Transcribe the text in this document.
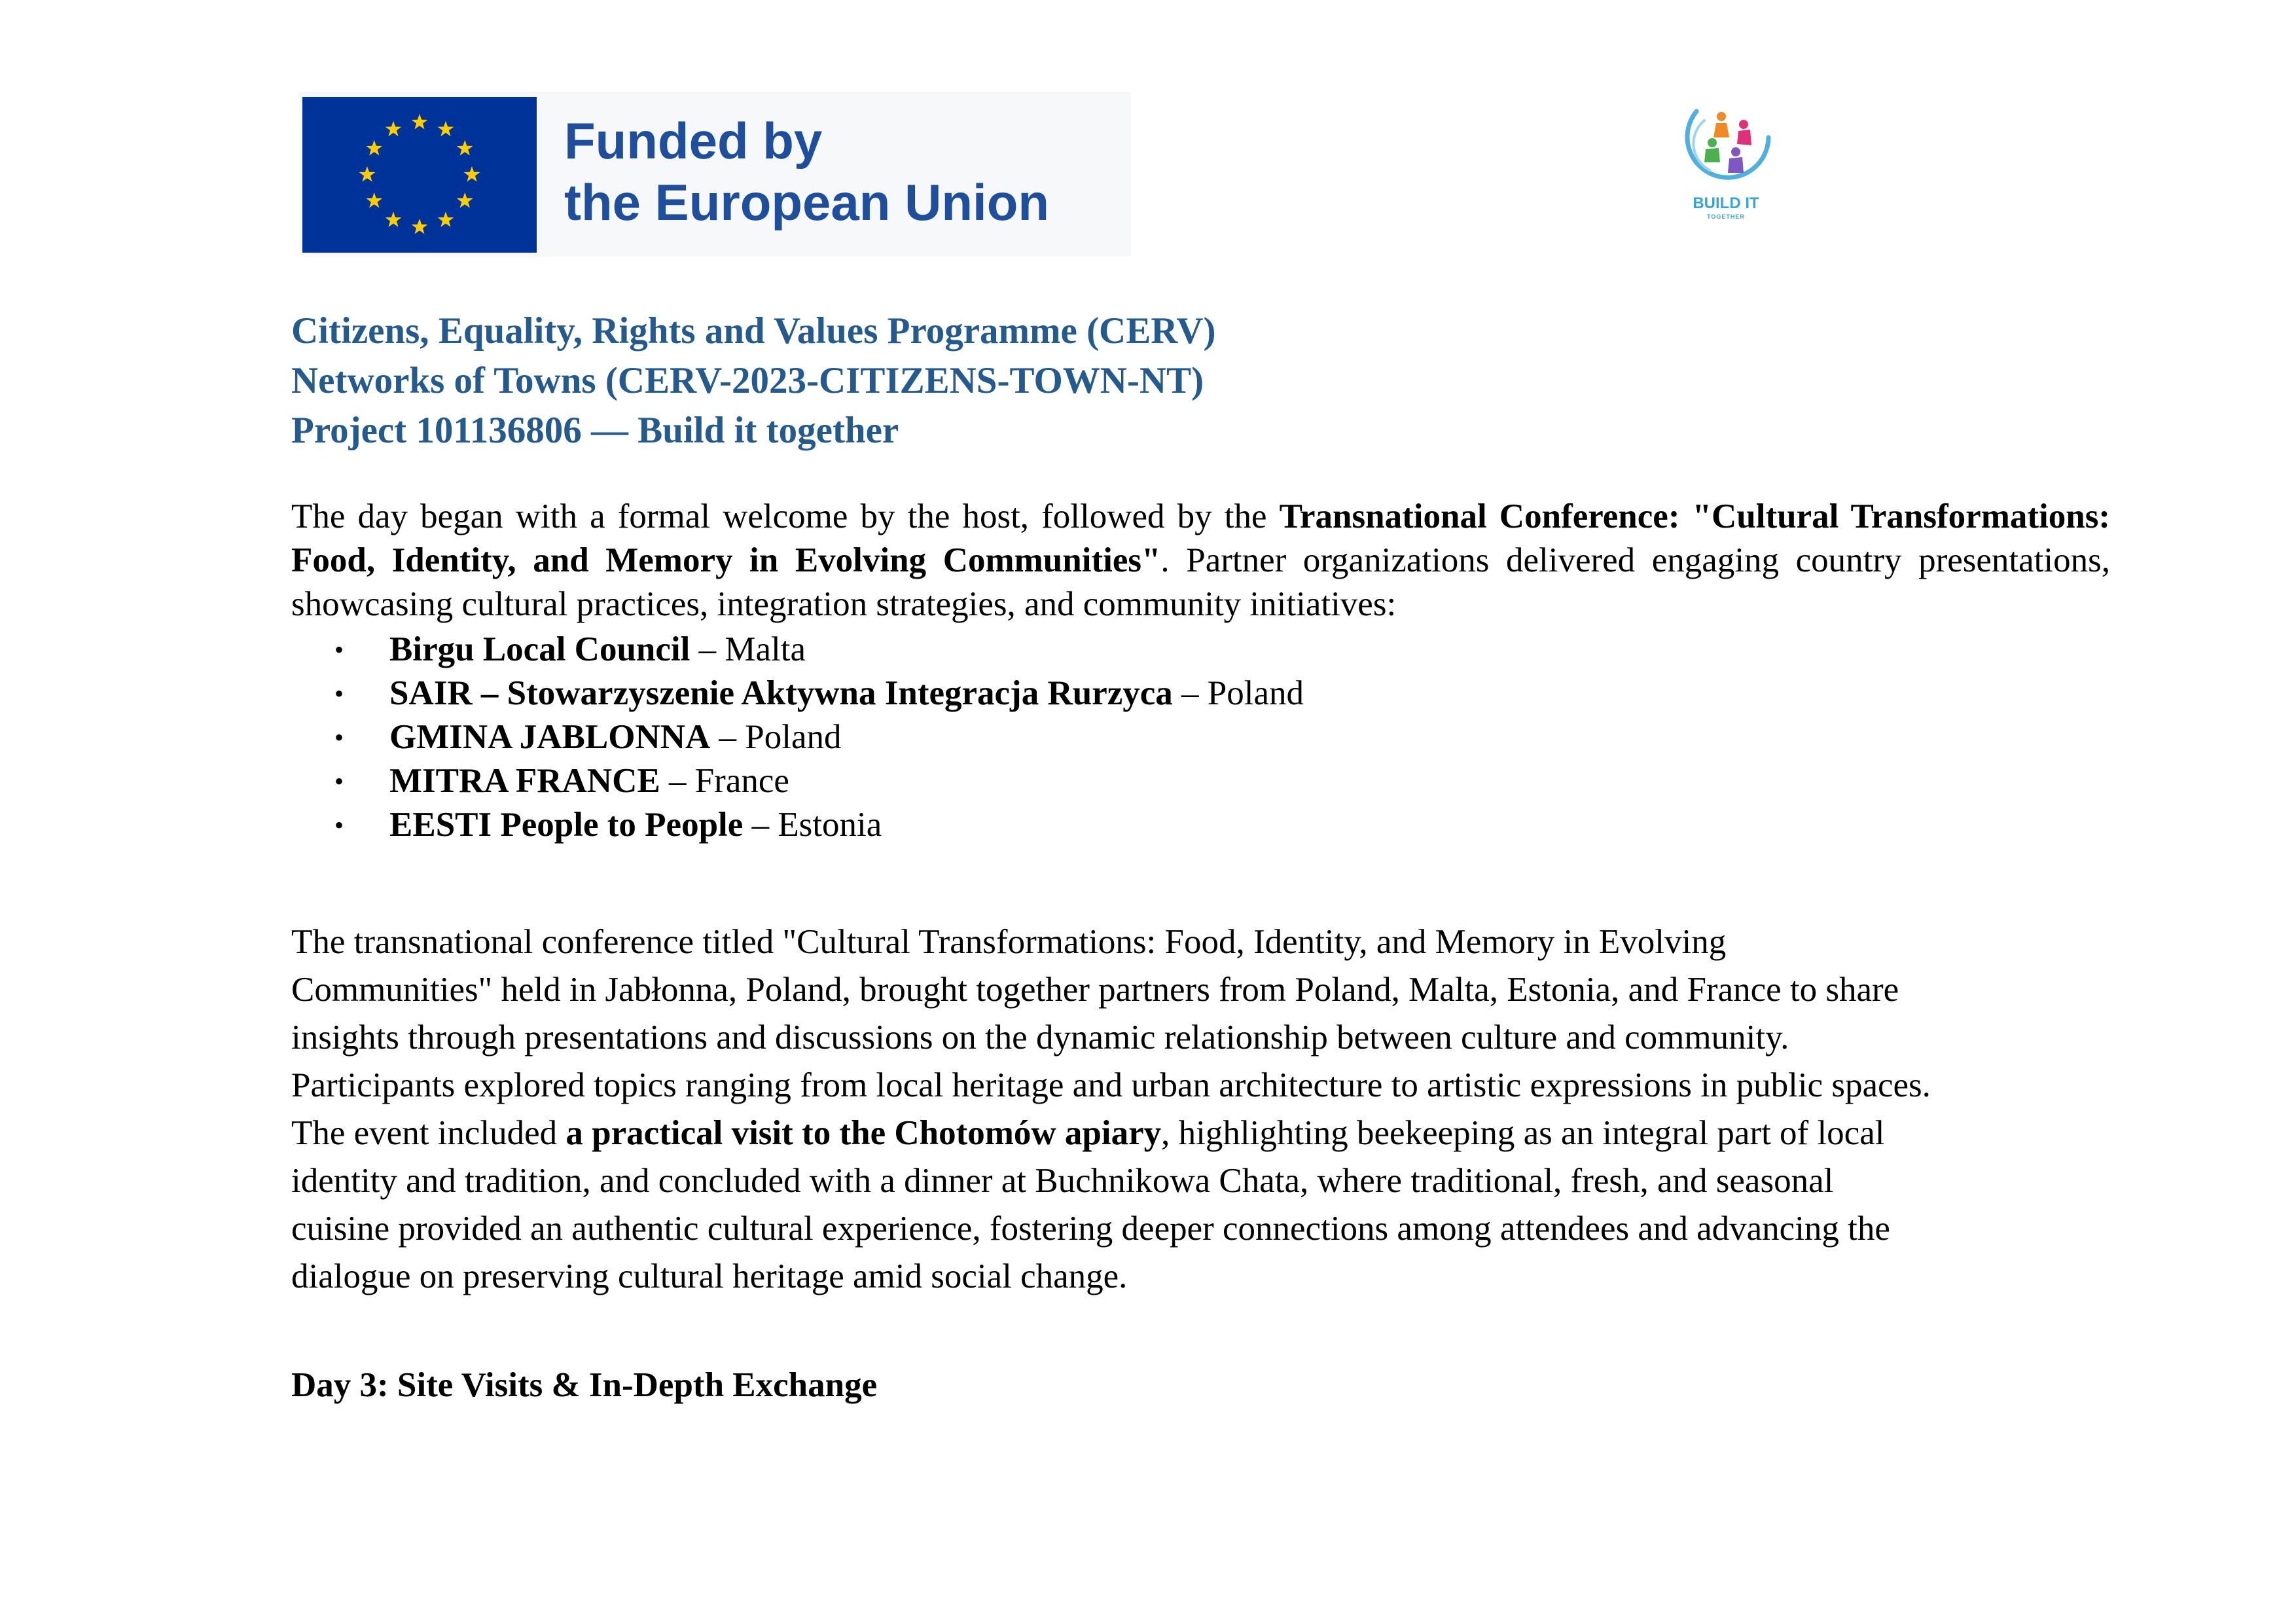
Funded by
the European Union	BUILD IT
TOGETHER
Citizens, Equality, Rights and Values Programme (CERV)
Networks of Towns (CERV-2023-CITIZENS-TOWN-NT)
Project 101136806 — Build it together

The day began with a formal welcome by the host, followed by the Transnational Conference: "Cultural Transformations: Food, Identity, and Memory in Evolving Communities". Partner organizations delivered engaging country presentations, showcasing cultural practices, integration strategies, and community initiatives:

• Birgu Local Council – Malta
• SAIR – Stowarzyszenie Aktywna Integracja Rurzyca – Poland
• GMINA JABLONNA – Poland
• MITRA FRANCE – France
• EESTI People to People – Estonia

The transnational conference titled "Cultural Transformations: Food, Identity, and Memory in Evolving
Communities" held in Jabłonna, Poland, brought together partners from Poland, Malta, Estonia, and France to share
insights through presentations and discussions on the dynamic relationship between culture and community.
Participants explored topics ranging from local heritage and urban architecture to artistic expressions in public spaces.
The event included a practical visit to the Chotomów apiary, highlighting beekeeping as an integral part of local
identity and tradition, and concluded with a dinner at Buchnikowa Chata, where traditional, fresh, and seasonal
cuisine provided an authentic cultural experience, fostering deeper connections among attendees and advancing the
dialogue on preserving cultural heritage amid social change.

Day 3: Site Visits & In-Depth Exchange
